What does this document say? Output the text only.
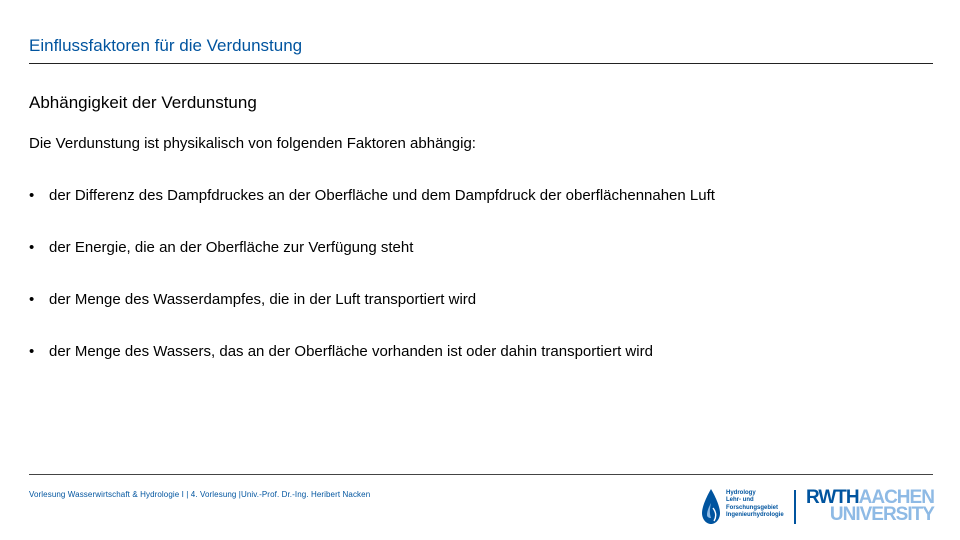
Einflussfaktoren für die Verdunstung
Abhängigkeit der Verdunstung
Die Verdunstung ist physikalisch von folgenden Faktoren abhängig:
• der Differenz des Dampfdruckes an der Oberfläche und dem Dampfdruck der oberflächennahen Luft
• der Energie, die an der Oberfläche zur Verfügung steht
• der Menge des Wasserdampfes, die in der Luft transportiert wird
• der Menge des Wassers, das an der Oberfläche vorhanden ist oder dahin transportiert wird
Vorlesung Wasserwirtschaft & Hydrologie I | 4. Vorlesung |Univ.-Prof. Dr.-Ing. Heribert Nacken	Hydrology
Lehr- und
Forschungsgebiet
Ingenieurhydrologie
RWTHAACHEN
UNIVERSITY
